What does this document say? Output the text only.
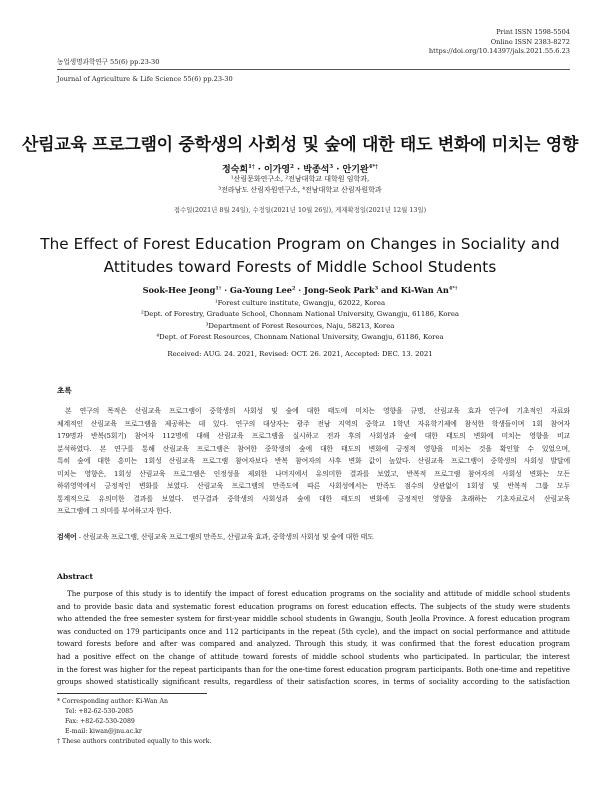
Print ISSN 1598-5504
Online ISSN 2383-8272
https://doi.org/10.14397/jals.2021.55.6.23
농업생명과학연구 55(6) pp.23-30
Journal of Agriculture & Life Science 55(6) pp.23-30
산림교육 프로그램이 중학생의 사회성 및 숲에 대한 태도 변화에 미치는 영향
정숙희$^{1\dagger}$ · 이가영$^2$ · 박종석$^3$ · 안기완$^{4*\dagger}$
¹산림문화연구소, ²전남대학교 대학원 임학과,
³전라남도 산림자원연구소, ⁴전남대학교 산림자원학과
접수일(2021년 8월 24일), 수정일(2021년 10월 26일), 게재확정일(2021년 12월 13일)
The Effect of Forest Education Program on Changes in Sociality and
Attitudes toward Forests of Middle School Students
Sook-Hee Jeong$^{1\dagger}$ · Ga-Young Lee$^2$ · Jong-Seok Park$^3$ and Ki-Wan $An^{4*\dagger}$
¹Forest culture institute, Gwangju, 62022, Korea
²Dept. of Forestry, Graduate School, Chonnam National University, Gwangju, 61186, Korea
³Department of Forest Resources, Naju, 58213, Korea
⁴Dept. of Forest Resources, Chonnam National University, Gwangju, 61186, Korea
Received: AUG. 24. 2021, Revised: OCT. 26. 2021, Accepted: DEC. 13. 2021
초록
본 연구의 목적은 산림교육 프로그램이 중학생의 사회성 및 숲에 대한 태도에 미치는 영향을 규명, 산림교육 효과 연구에 기초적인 자료와
체계적인 산림교육 프로그램을 제공하는 데 있다. 연구의 대상자는 광주 전남 지역의 중학교 1학년 자유학기제에 참석한 학생들이며 1회 참여자
179명과 반복(5회기) 참여자 112명에 대해 산림교육 프로그램을 실시하고 전과 후의 사회성과 숲에 대한 태도의 변화에 미치는 영향을 비교
분석하였다. 본 연구를 통해 산림교육 프로그램은 참여한 중학생의 숲에 대한 태도의 변화에 긍정적 영향을 미치는 것을 확인할 수 있었으며,
특히 숲에 대한 흥미는 1회성 산림교육 프로그램 참여자보다 반복 참여자의 사후 변화 값이 높았다. 산림교육 프로그램이 중학생의 사회성 발달에
미치는 영향은, 1회성 산림교육 프로그램은 인정성을 제외한 나머지에서 유의미한 결과를 보였고, 반복적 프로그램 참여자의 사회성 변화는 모든
하위영역에서 긍정적인 변화를 보였다. 산림교육 프로그램의 만족도에 따른 사회성에서는 만족도 점수의 상관없이 1회성 및 반복적 그룹 모두
통계적으로 유의미한 결과를 보였다. 연구결과 중학생의 사회성과 숲에 대한 태도의 변화에 긍정적인 영향을 초래하는 기초자료로서 산림교육
프로그램에 그 의미를 부여하고자 한다.
검색어 - 산림교육 프로그램, 산림교육 프로그램의 만족도, 산림교육 효과, 중학생의 사회성 및 숲에 대한 태도
Abstract
The purpose of this study is to identify the impact of forest education programs on the sociality and attitude of middle school students
and to provide basic data and systematic forest education programs on forest education effects. The subjects of the study were students
who attended the free semester system for first-year middle school students in Gwangju, South Jeolla Province. A forest education program
was conducted on 179 participants once and 112 participants in the repeat (5th cycle), and the impact on social performance and attitude
toward forests before and after was compared and analyzed. Through this study, it was confirmed that the forest education program
had a positive effect on the change of attitude toward forests of middle school students who participated. In particular, the interest
in the forest was higher for the repeat participants than for the one-time forest education program participants. Both one-time and repetitive
groups showed statistically significant results, regardless of their satisfaction scores, in terms of sociality according to the satisfaction
* Corresponding author: Ki-Wan An
Tel: +82-62-530-2085
Fax: +82-62-530-2089
E-mail: kiwan@jnu.ac.kr
† These authors contributed equally to this work.
